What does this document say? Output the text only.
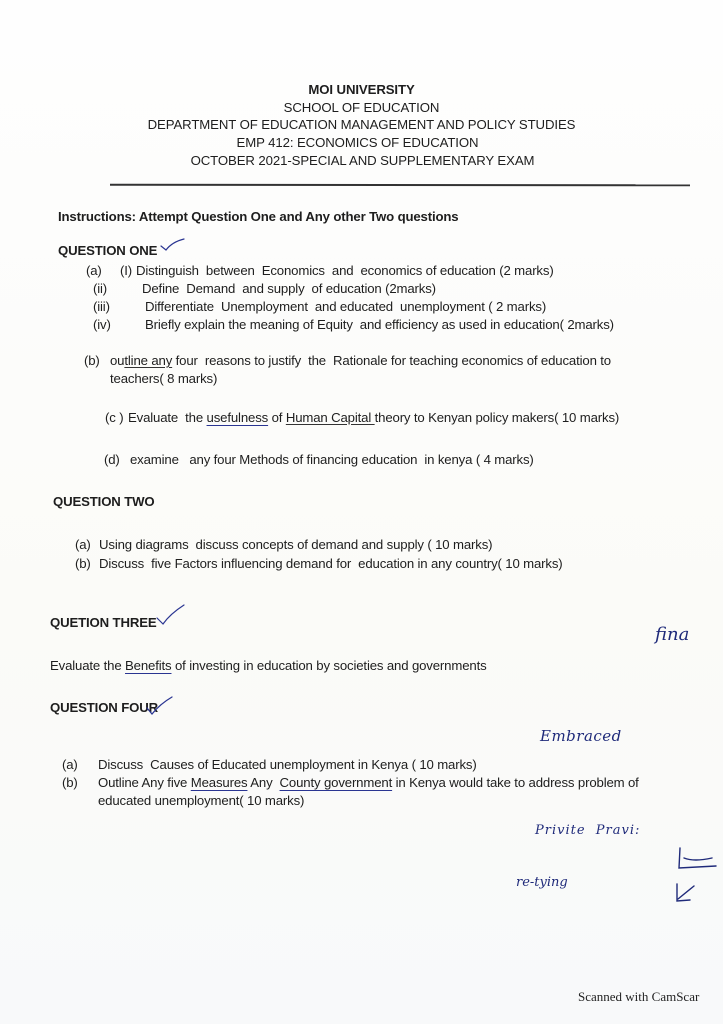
MOI UNIVERSITY
SCHOOL OF EDUCATION
DEPARTMENT OF EDUCATION MANAGEMENT AND POLICY STUDIES
EMP 412: ECONOMICS OF EDUCATION
OCTOBER 2021-SPECIAL AND SUPPLEMENTARY EXAM
Instructions: Attempt Question One and Any other Two questions
QUESTION ONE
(a) (I) Distinguish  between  Economics  and  economics of education (2 marks)
(ii)	Define  Demand  and supply  of education (2marks)
(iii)	Differentiate  Unemployment  and educated  unemployment ( 2 marks)
(iv)	Briefly explain the meaning of Equity  and efficiency as used in education( 2marks)
(b) outline any four  reasons to justify  the  Rationale for teaching economics of education to
teachers( 8 marks)
(c ) Evaluate  the usefulness of Human Capital theory to Kenyan policy makers( 10 marks)
(d) examine   any four Methods of financing education  in kenya ( 4 marks)
QUESTION TWO
(a) Using diagrams  discuss concepts of demand and supply ( 10 marks)
(b) Discuss  five Factors influencing demand for  education in any country( 10 marks)
QUETION THREE
Evaluate the Benefits of investing in education by societies and governments
QUESTION FOUR
(a) Discuss  Causes of Educated unemployment in Kenya ( 10 marks)
(b) Outline Any five Measures Any  County government in Kenya would take to address problem of
educated unemployment( 10 marks)
fina
Embraced
Privite  Pravi:
re-tying
Scanned with CamScar
